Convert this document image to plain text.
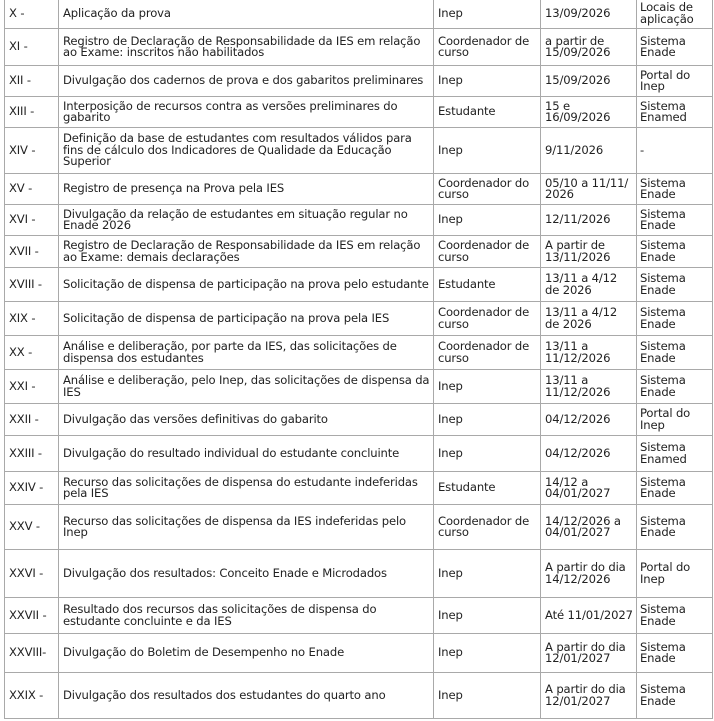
X -	Aplicação da prova	Inep	13/09/2026	Locais de aplicação
XI -	Registro de Declaração de Responsabilidade da IES em relação ao Exame: inscritos não habilitados	Coordenador de curso	a partir de 15/09/2026	Sistema Enade
XII -	Divulgação dos cadernos de prova e dos gabaritos preliminares	Inep	15/09/2026	Portal do Inep
XIII -	Interposição de recursos contra as versões preliminares do gabarito	Estudante	15 e 16/09/2026	Sistema Enamed
XIV -	Definição da base de estudantes com resultados válidos para fins de cálculo dos Indicadores de Qualidade da Educação Superior	Inep	9/11/2026	-
XV -	Registro de presença na Prova pela IES	Coordenador do curso	05/10 a 11/11/ 2026	Sistema Enade
XVI -	Divulgação da relação de estudantes em situação regular no Enade 2026	Inep	12/11/2026	Sistema Enade
XVII -	Registro de Declaração de Responsabilidade da IES em relação ao Exame: demais declarações	Coordenador de curso	A partir de 13/11/2026	Sistema Enade
XVIII -	Solicitação de dispensa de participação na prova pelo estudante	Estudante	13/11 a 4/12 de 2026	Sistema Enade
XIX -	Solicitação de dispensa de participação na prova pela IES	Coordenador de curso	13/11 a 4/12 de 2026	Sistema Enade
XX -	Análise e deliberação, por parte da IES, das solicitações de dispensa dos estudantes	Coordenador de curso	13/11 a 11/12/2026	Sistema Enade
XXI -	Análise e deliberação, pelo Inep, das solicitações de dispensa da IES	Inep	13/11 a 11/12/2026	Sistema Enade
XXII -	Divulgação das versões definitivas do gabarito	Inep	04/12/2026	Portal do Inep
XXIII -	Divulgação do resultado individual do estudante concluinte	Inep	04/12/2026	Sistema Enamed
XXIV -	Recurso das solicitações de dispensa do estudante indeferidas pela IES	Estudante	14/12 a 04/01/2027	Sistema Enade
XXV -	Recurso das solicitações de dispensa da IES indeferidas pelo Inep	Coordenador de curso	14/12/2026 a 04/01/2027	Sistema Enade
XXVI -	Divulgação dos resultados: Conceito Enade e Microdados	Inep	A partir do dia 14/12/2026	Portal do Inep
XXVII -	Resultado dos recursos das solicitações de dispensa do estudante concluinte e da IES	Inep	Até 11/01/2027	Sistema Enade
XXVIII-	Divulgação do Boletim de Desempenho no Enade	Inep	A partir do dia 12/01/2027	Sistema Enade
XXIX -	Divulgação dos resultados dos estudantes do quarto ano	Inep	A partir do dia 12/01/2027	Sistema Enade
